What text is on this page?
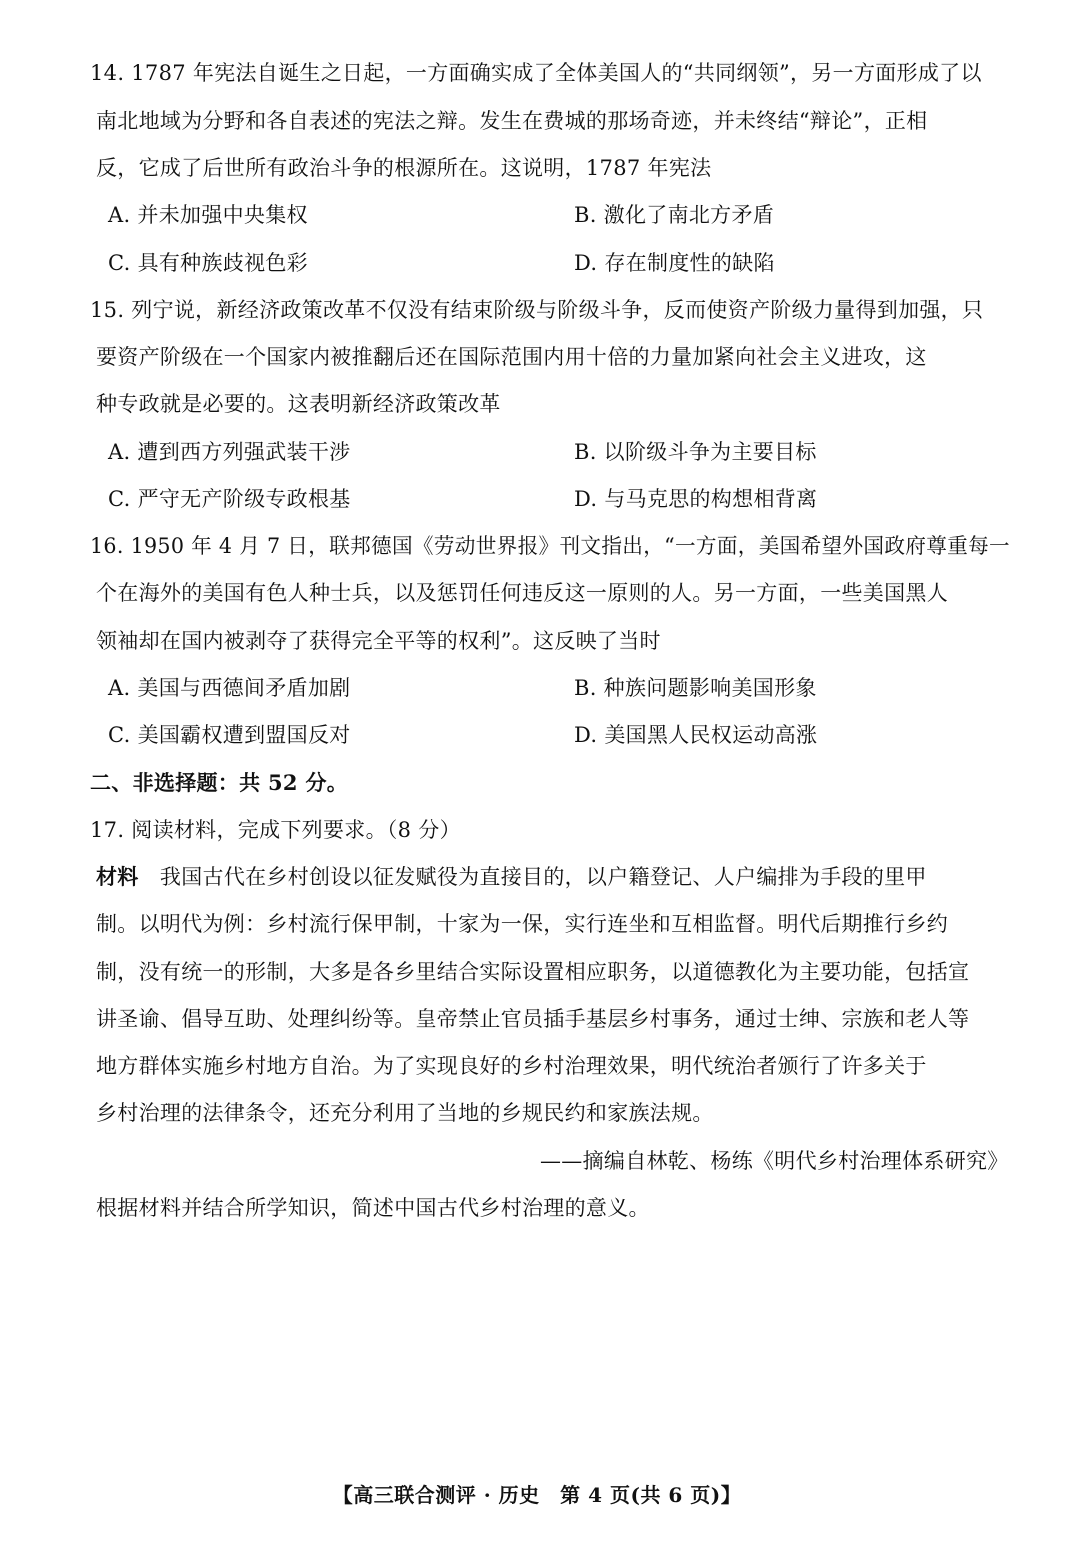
14. 1787 年宪法自诞生之日起，一方面确实成了全体美国人的“共同纲领”，另一方面形成了以
南北地域为分野和各自表述的宪法之辩。发生在费城的那场奇迹，并未终结“辩论”，正相
反，它成了后世所有政治斗争的根源所在。这说明，1787 年宪法
A. 并未加强中央集权	B. 激化了南北方矛盾
C. 具有种族歧视色彩	D. 存在制度性的缺陷
15. 列宁说，新经济政策改革不仅没有结束阶级与阶级斗争，反而使资产阶级力量得到加强，只
要资产阶级在一个国家内被推翻后还在国际范围内用十倍的力量加紧向社会主义进攻，这
种专政就是必要的。这表明新经济政策改革
A. 遭到西方列强武装干涉	B. 以阶级斗争为主要目标
C. 严守无产阶级专政根基	D. 与马克思的构想相背离
16. 1950 年 4 月 7 日，联邦德国《劳动世界报》刊文指出，“一方面，美国希望外国政府尊重每一
个在海外的美国有色人种士兵，以及惩罚任何违反这一原则的人。另一方面，一些美国黑人
领袖却在国内被剥夺了获得完全平等的权利”。这反映了当时
A. 美国与西德间矛盾加剧	B. 种族问题影响美国形象
C. 美国霸权遭到盟国反对	D. 美国黑人民权运动高涨
二、非选择题：共 52 分。
17. 阅读材料，完成下列要求。（8 分）
材料　 我国古代在乡村创设以征发赋役为直接目的，以户籍登记、人户编排为手段的里甲
制。以明代为例：乡村流行保甲制，十家为一保，实行连坐和互相监督。明代后期推行乡约
制，没有统一的形制，大多是各乡里结合实际设置相应职务，以道德教化为主要功能，包括宣
讲圣谕、倡导互助、处理纠纷等。皇帝禁止官员插手基层乡村事务，通过士绅、宗族和老人等
地方群体实施乡村地方自治。为了实现良好的乡村治理效果，明代统治者颁行了许多关于
乡村治理的法律条令，还充分利用了当地的乡规民约和家族法规。
——摘编自林乾、杨练《明代乡村治理体系研究》
根据材料并结合所学知识，简述中国古代乡村治理的意义。
【高三联合测评 · 历史　第 4 页(共 6 页)】
